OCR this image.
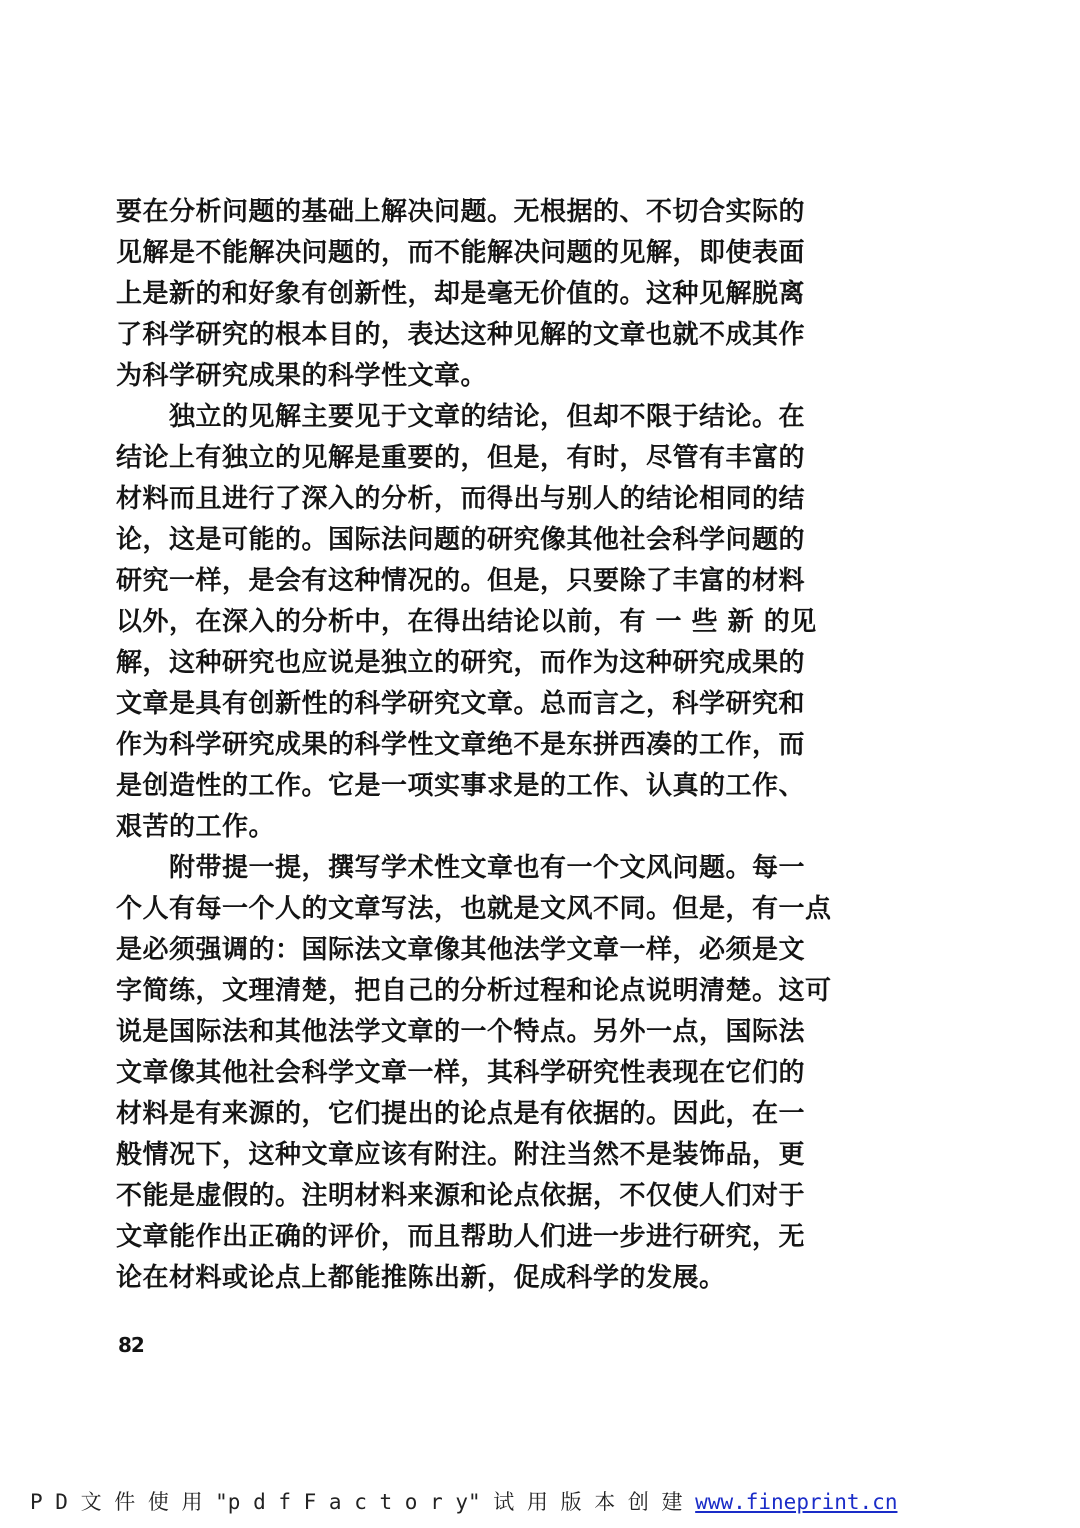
要在分析问题的基础上解决问题。无根据的、不切合实际的
见解是不能解决问题的，而不能解决问题的见解，即使表面
上是新的和好象有创新性，却是毫无价值的。这种见解脱离
了科学研究的根本目的，表达这种见解的文章也就不成其作
为科学研究成果的科学性文章。
　　独立的见解主要见于文章的结论，但却不限于结论。在
结论上有独立的见解是重要的，但是，有时，尽管有丰富的
材料而且进行了深入的分析，而得出与别人的结论相同的结
论，这是可能的。国际法问题的研究像其他社会科学问题的
研究一样，是会有这种情况的。但是，只要除了丰富的材料
以外，在深入的分析中，在得出结论以前，有 一 些 新 的见
解，这种研究也应说是独立的研究，而作为这种研究成果的
文章是具有创新性的科学研究文章。总而言之，科学研究和
作为科学研究成果的科学性文章绝不是东拼西凑的工作，而
是创造性的工作。它是一项实事求是的工作、认真的工作、
艰苦的工作。
　　附带提一提，撰写学术性文章也有一个文风问题。每一
个人有每一个人的文章写法，也就是文风不同。但是，有一点
是必须强调的：国际法文章像其他法学文章一样，必须是文
字简练，文理清楚，把自己的分析过程和论点说明清楚。这可
说是国际法和其他法学文章的一个特点。另外一点，国际法
文章像其他社会科学文章一样，其科学研究性表现在它们的
材料是有来源的，它们提出的论点是有依据的。因此，在一
般情况下，这种文章应该有附注。附注当然不是装饰品，更
不能是虚假的。注明材料来源和论点依据，不仅使人们对于
文章能作出正确的评价，而且帮助人们进一步进行研究，无
论在材料或论点上都能推陈出新，促成科学的发展。
82
P D 文 件 使 用 "p d f F a c t o r y" 试 用 版 本 创 建 www.fineprint.cn
